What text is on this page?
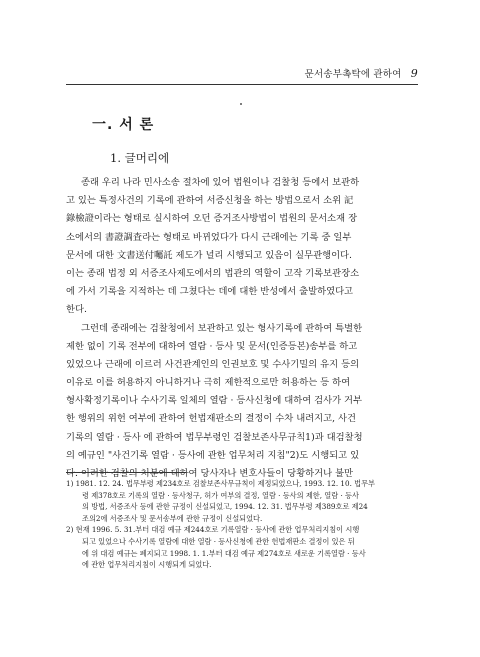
문서송부촉탁에 관하여 9
一. 서 론
1. 글머리에
종래 우리 나라 민사소송 절차에 있어 법원이나 검찰청 등에서 보관하
고 있는 특정사건의 기록에 관하여 서증신청을 하는 방법으로서 소위 記
錄檢證이라는 형태로 실시하여 오던 증거조사방법이 법원의 문서소재 장
소에서의 書證調査라는 형태로 바뀌었다가 다시 근래에는 기록 중 일부
문서에 대한 文書送付囑託 제도가 널리 시행되고 있음이 실무관행이다.
이는 종래 법정 외 서증조사제도에서의 법관의 역할이 고작 기록보관장소
에 가서 기록을 지적하는 데 그쳤다는 데에 대한 반성에서 출발하였다고
한다.
그런데 종래에는 검찰청에서 보관하고 있는 형사기록에 관하여 특별한
제한 없이 기록 전부에 대하여 열람 · 등사 및 문서(인증등본)송부를 하고
있었으나 근래에 이르러 사건관계인의 인권보호 및 수사기밀의 유지 등의
이유로 이를 허용하지 아니하거나 극히 제한적으로만 허용하는 등 하여
형사확정기록이나 수사기록 일체의 열람 · 등사신청에 대하여 검사가 거부
한 행위의 위헌 여부에 관하여 헌법재판소의 결정이 수차 내려지고, 사건
기록의 열람 · 등사 에 관하여 법무부령인 검찰보존사무규칙1)과 대검찰청
의 예규인 "사건기록 열람 · 등사에 관한 업무처리 지침"2)도 시행되고 있
다. 이러한 검찰의 처분에 대하여 당사자나 변호사들이 당황하거나 불만
1) 1981. 12. 24. 법무부령 제234호로 검찰보존사무규칙이 제정되었으나, 1993. 12. 10. 법무부
령 제378호로 기록의 열람 · 등사청구, 허가 여부의 결정, 열람 · 등사의 제한, 열람 · 등사
의 방법, 서증조사 등에 관한 규정이 신설되었고, 1994. 12. 31. 법무부령 제389호로 제24
조의2에 서증조사 및 문서송부에 관한 규정이 신설되었다.
2) 현재 1996. 5. 31.부터 대검 예규 제244호로 기록열람 · 등사에 관한 업무처리지침이 시행
되고 있었으나 수사기록 열람에 대한 열람 · 등사신청에 관한 헌법재판소 결정이 있은 뒤
에 위 대검 예규는 폐지되고 1998. 1. 1.부터 대검 예규 제274호로 새로운 기록열람 · 등사
에 관한 업무처리지침이 시행되게 되었다.
